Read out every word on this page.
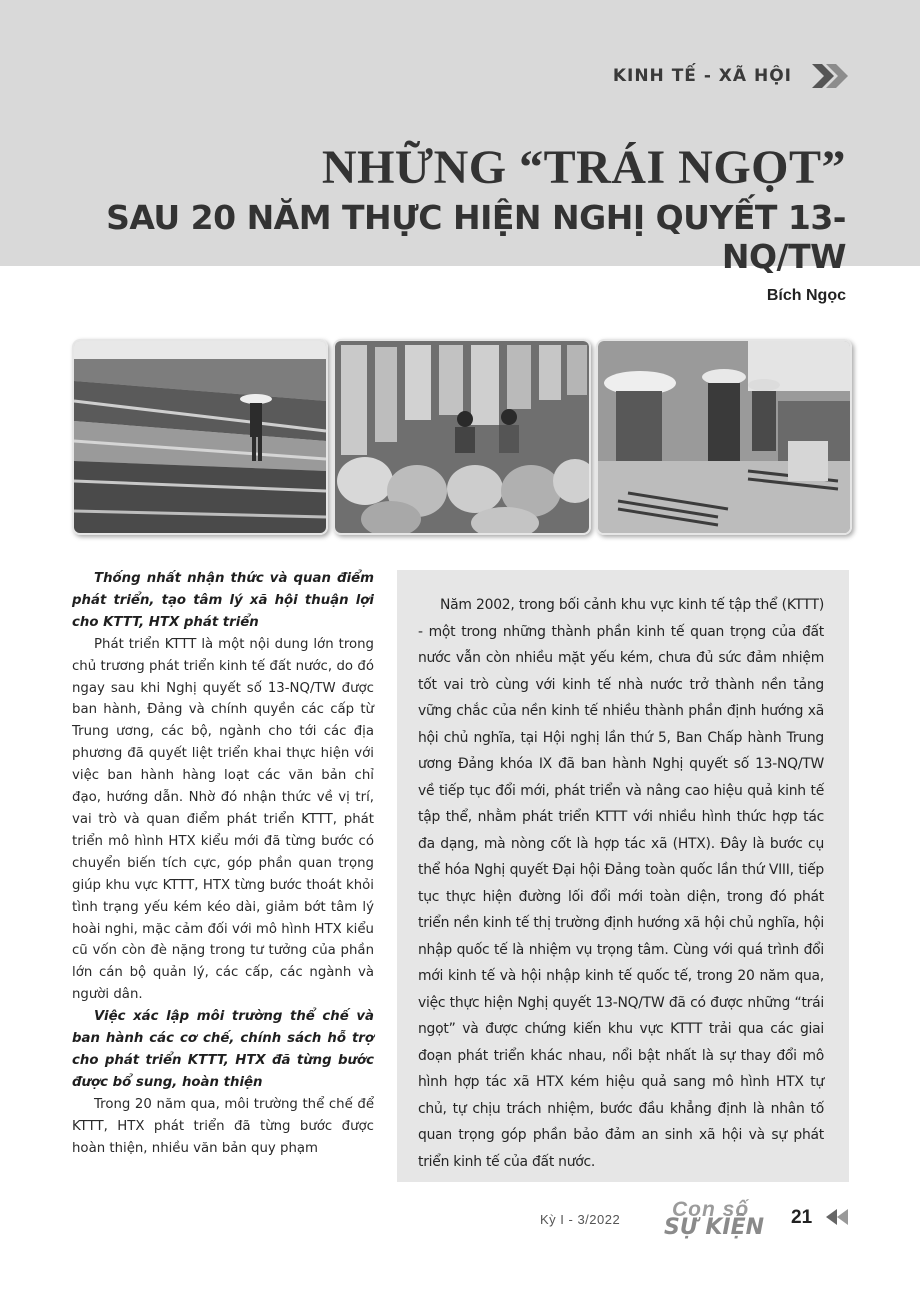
KINH TẾ - XÃ HỘI
NHỮNG “TRÁI NGỌT”
SAU 20 NĂM THỰC HIỆN NGHỊ QUYẾT 13-NQ/TW
Bích Ngọc

Thống nhất nhận thức và quan điểm phát triển, tạo tâm lý xã hội thuận lợi cho KTTT, HTX phát triển

Phát triển KTTT là một nội dung lớn trong chủ trương phát triển kinh tế đất nước, do đó ngay sau khi Nghị quyết số 13-NQ/TW được ban hành, Đảng và chính quyền các cấp từ Trung ương, các bộ, ngành cho tới các địa phương đã quyết liệt triển khai thực hiện với việc ban hành hàng loạt các văn bản chỉ đạo, hướng dẫn. Nhờ đó nhận thức về vị trí, vai trò và quan điểm phát triển KTTT, phát triển mô hình HTX kiểu mới đã từng bước có chuyển biến tích cực, góp phần quan trọng giúp khu vực KTTT, HTX từng bước thoát khỏi tình trạng yếu kém kéo dài, giảm bớt tâm lý hoài nghi, mặc cảm đối với mô hình HTX kiểu cũ vốn còn đè nặng trong tư tưởng của phần lớn cán bộ quản lý, các cấp, các ngành và người dân.

Việc xác lập môi trường thể chế và ban hành các cơ chế, chính sách hỗ trợ cho phát triển KTTT, HTX đã từng bước được bổ sung, hoàn thiện

Trong 20 năm qua, môi trường thể chế để KTTT, HTX phát triển đã từng bước được hoàn thiện, nhiều văn bản quy phạm

Năm 2002, trong bối cảnh khu vực kinh tế tập thể (KTTT) - một trong những thành phần kinh tế quan trọng của đất nước vẫn còn nhiều mặt yếu kém, chưa đủ sức đảm nhiệm tốt vai trò cùng với kinh tế nhà nước trở thành nền tảng vững chắc của nền kinh tế nhiều thành phần định hướng xã hội chủ nghĩa, tại Hội nghị lần thứ 5, Ban Chấp hành Trung ương Đảng khóa IX đã ban hành Nghị quyết số 13-NQ/TW về tiếp tục đổi mới, phát triển và nâng cao hiệu quả kinh tế tập thể, nhằm phát triển KTTT với nhiều hình thức hợp tác đa dạng, mà nòng cốt là hợp tác xã (HTX). Đây là bước cụ thể hóa Nghị quyết Đại hội Đảng toàn quốc lần thứ VIII, tiếp tục thực hiện đường lối đổi mới toàn diện, trong đó phát triển nền kinh tế thị trường định hướng xã hội chủ nghĩa, hội nhập quốc tế là nhiệm vụ trọng tâm. Cùng với quá trình đổi mới kinh tế và hội nhập kinh tế quốc tế, trong 20 năm qua, việc thực hiện Nghị quyết 13-NQ/TW đã có được những “trái ngọt” và được chứng kiến khu vực KTTT trải qua các giai đoạn phát triển khác nhau, nổi bật nhất là sự thay đổi mô hình hợp tác xã HTX kém hiệu quả sang mô hình HTX tự chủ, tự chịu trách nhiệm, bước đầu khẳng định là nhân tố quan trọng góp phần bảo đảm an sinh xã hội và sự phát triển kinh tế của đất nước.

Kỳ I - 3/2022 Con số
SỰ KIỆN 21
